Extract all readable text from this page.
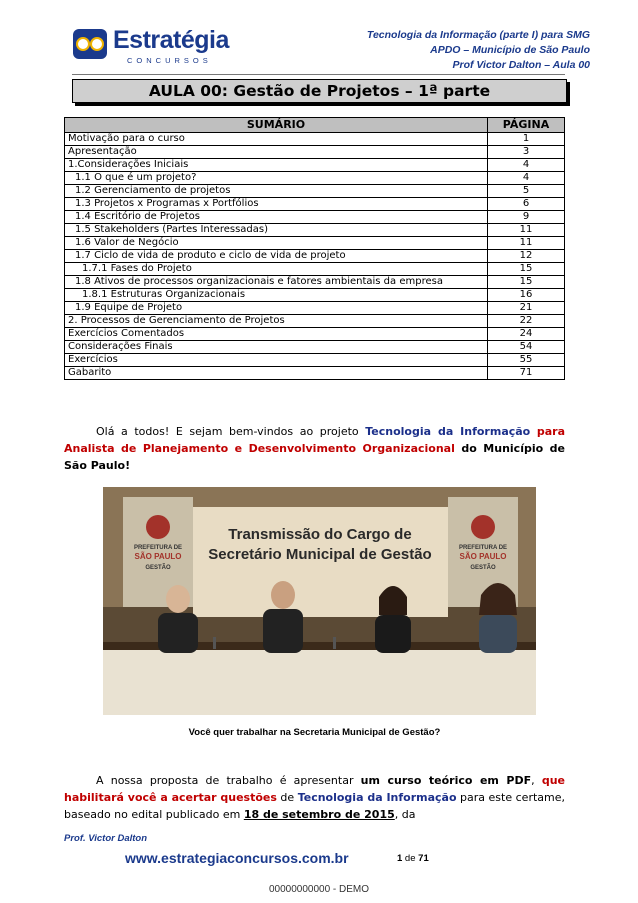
Estratégia
CONCURSOS
Tecnologia da Informação (parte I) para SMG
APDO – Município de São Paulo
Prof Victor Dalton – Aula 00
AULA 00: Gestão de Projetos – 1ª parte
SUMÁRIO	PÁGINA
Motivação para o curso	1
Apresentação	3
1.Considerações Iniciais	4
1.1 O que é um projeto?	4
1.2 Gerenciamento de projetos	5
1.3 Projetos x Programas x Portfólios	6
1.4 Escritório de Projetos	9
1.5 Stakeholders (Partes Interessadas)	11
1.6 Valor de Negócio	11
1.7 Ciclo de vida de produto e ciclo de vida de projeto	12
1.7.1 Fases do Projeto	15
1.8 Ativos de processos organizacionais e fatores ambientais da empresa	15
1.8.1 Estruturas Organizacionais	16
1.9 Equipe de Projeto	21
2. Processos de Gerenciamento de Projetos	22
Exercícios Comentados	24
Considerações Finais	54
Exercícios	55
Gabarito	71
Olá a todos! E sejam bem-vindos ao projeto Tecnologia da Informação para Analista de Planejamento e Desenvolvimento Organizacional do Município de São Paulo!
PREFEITURA DE
SÃO PAULO
GESTÃO
PREFEITURA DE
SÃO PAULO
GESTÃO
Transmissão do Cargo de
Secretário Municipal de Gestão
Você quer trabalhar na Secretaria Municipal de Gestão?
A nossa proposta de trabalho é apresentar um curso teórico em PDF, que habilitará você a acertar questões de Tecnologia da Informação para este certame, baseado no edital publicado em 18 de setembro de 2015, da
Prof. Victor Dalton
www.estrategiaconcursos.com.br	1 de 71
00000000000 - DEMO
